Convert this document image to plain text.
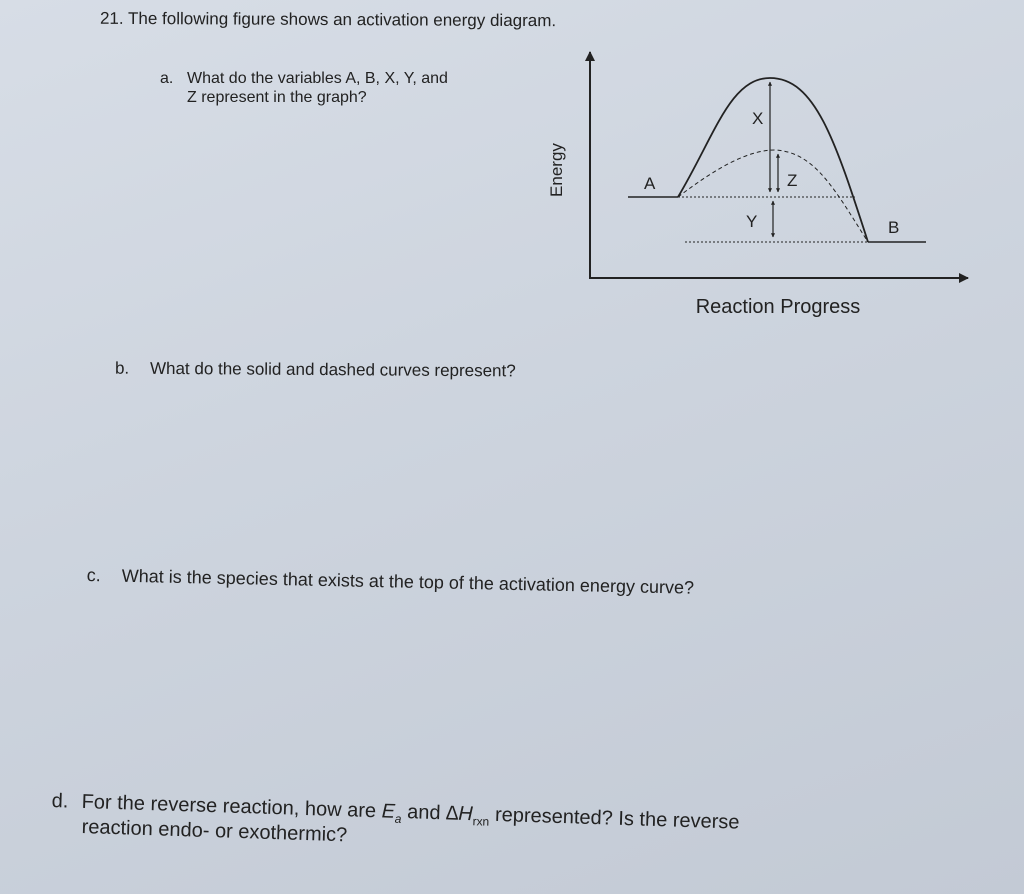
21. The following figure shows an activation energy diagram.

a. What do the variables A, B, X, Y, and

Z represent in the graph?

Energy
Reaction Progress
A
B
X
Y
Z

b. What do the solid and dashed curves represent?

c. What is the species that exists at the top of the activation energy curve?

d. For the reverse reaction, how are $E_a$ and $\Delta H_{rxn}$ represented? Is the reverse

reaction endo- or exothermic?
